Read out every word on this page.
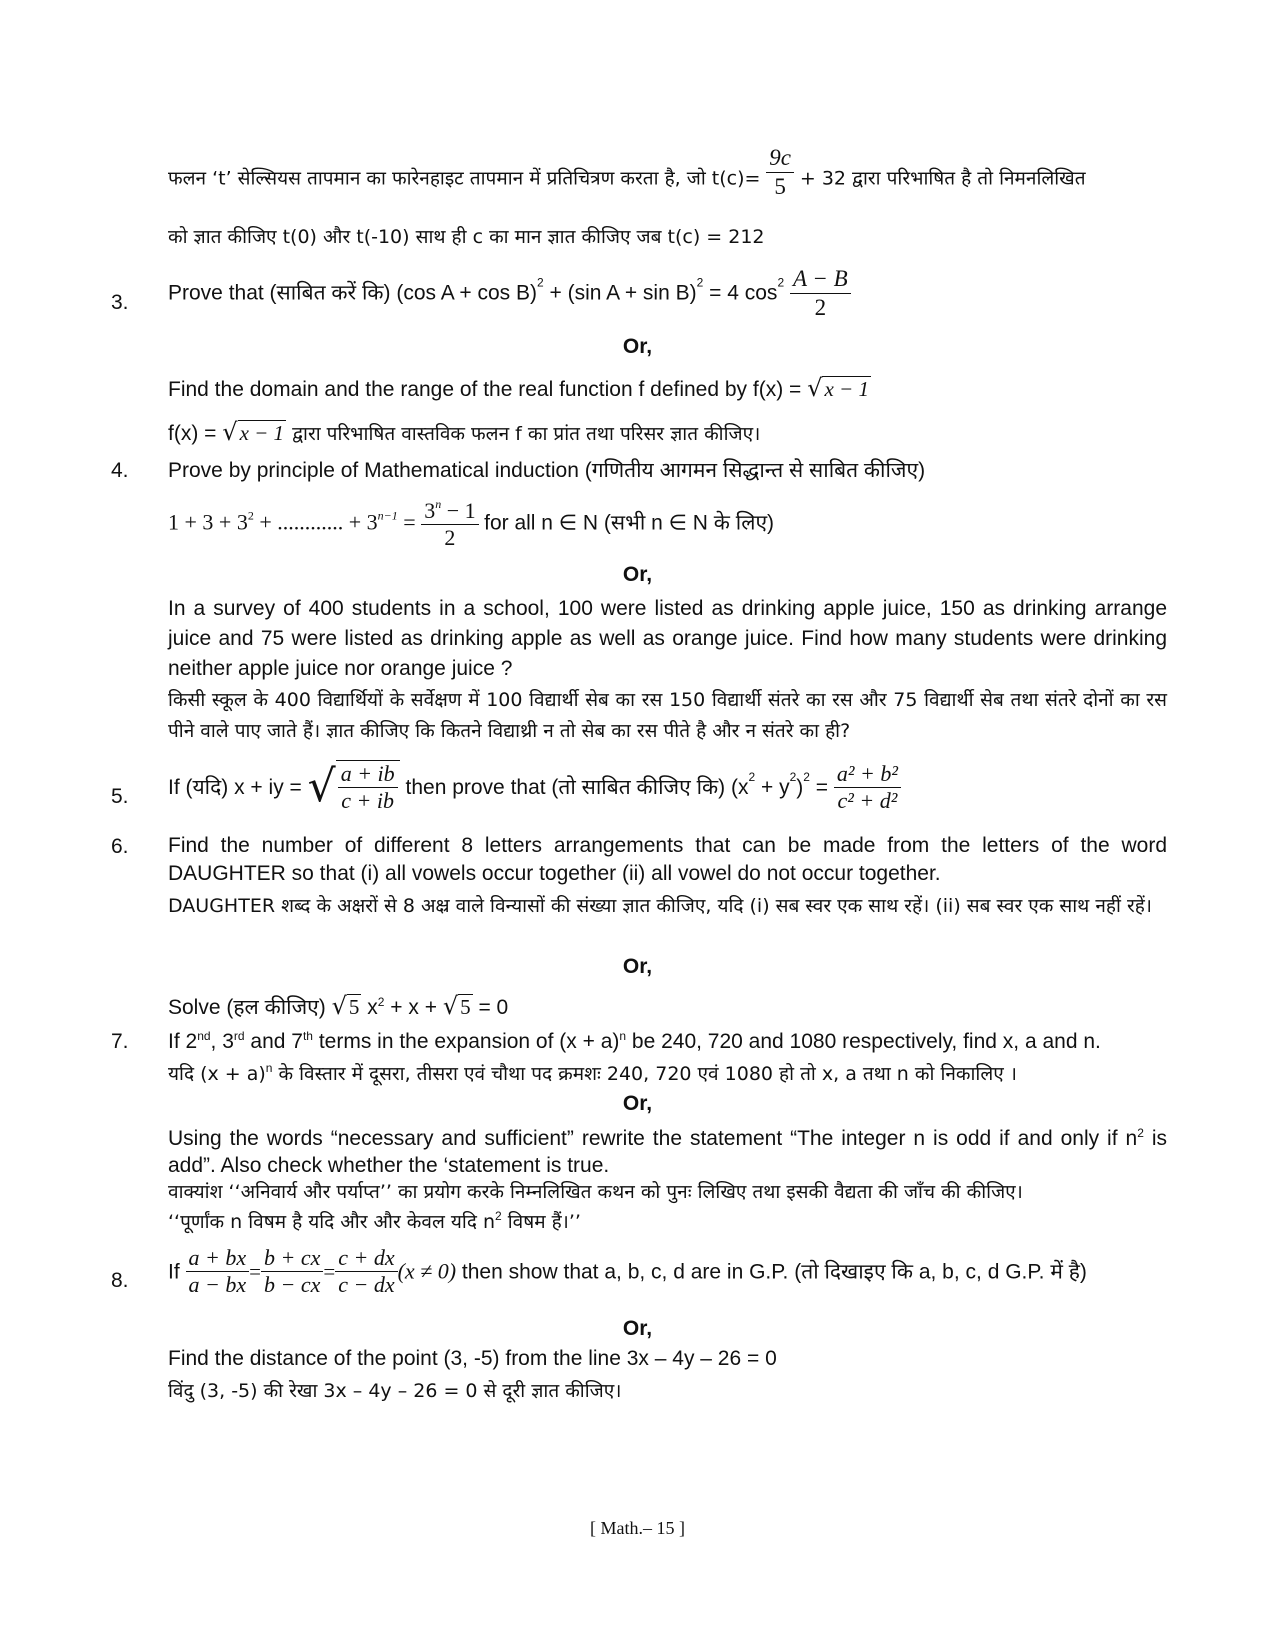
फलन ‘t’ सेल्सियस तापमान का फारेनहाइट तापमान में प्रतिचित्रण करता है, जो $t(c)= \frac{9c}{5} + 32$ द्वारा परिभाषित है तो निमनलिखित
को ज्ञात कीजिए t(0) और t(-10) साथ ही c का मान ज्ञात कीजिए जब t(c) = 212
3. Prove that (साबित करें कि) (cos A + cos B)$^2$ + (sin A + sin B)$^2$ = 4 $\cos^2 \frac{A - B}{2}$
Or,
Find the domain and the range of the real function f defined by f(x) = √x − 1
f(x) = √x − 1 द्वारा परिभाषित वास्तविक फलन f का प्रांत तथा परिसर ज्ञात कीजिए।
4. Prove by principle of Mathematical induction (गणितीय आगमन सिद्धान्त से साबित कीजिए)
$1 + 3 + 3^2$ + ............ + $3^{n-1} = \frac{3^n - 1}{2}$ for all n ∈ N (सभी n ∈ N के लिए)
Or,
In a survey of 400 students in a school, 100 were listed as drinking apple juice, 150 as drinking arrange juice and 75 were listed as drinking apple as well as orange juice. Find how many students were drinking neither apple juice nor orange juice ?
किसी स्कूल के 400 विद्यार्थियों के सर्वेक्षण में 100 विद्यार्थी सेब का रस 150 विद्यार्थी संतरे का रस और 75 विद्यार्थी सेब तथा संतरे दोनों का रस पीने वाले पाए जाते हैं। ज्ञात कीजिए कि कितने विद्याथ्री न तो सेब का रस पीते है और न संतरे का ही?
5. If (यदि) x + iy = √ $\frac{a + ib}{c + ib}$ then prove that (तो साबित कीजिए कि) $(x^2 + y^2)^2 = \frac{\text{a² + b²}}{\text{c² + d²}}$
6. Find the number of different 8 letters arrangements that can be made from the letters of the word DAUGHTER so that (i) all vowels occur together (ii) all vowel do not occur together.
DAUGHTER शब्द के अक्षरों से 8 अक्ष्र वाले विन्यासों की संख्या ज्ञात कीजिए, यदि (i) सब स्वर एक साथ रहें। (ii) सब स्वर एक साथ नहीं रहें।
Or,
Solve (हल कीजिए) √5 $x^2 + x + √5 = 0$
7. If 2nd, 3rd and 7th terms in the expansion of $(x + a)^n$ be 240, 720 and 1080 respectively, find x, a and n.
यदि $(x + a)^n$ के विस्तार में दूसरा, तीसरा एवं चौथा पद क्रमशः 240, 720 एवं 1080 हो तो x, a तथा n को निकालिए ।
Or,
Using the words “necessary and sufficient” rewrite the statement “The integer n is odd if and only if $n^2$ is add”. Also check whether the ‘statement is true.
वाक्यांश ‘‘अनिवार्य और पर्याप्त’’ का प्रयोग करके निम्नलिखित कथन को पुनः लिखिए तथा इसकी वैद्यता की जाँच की कीजिए।
‘‘पूर्णांक n विषम है यदि और और केवल यदि $n^2$ विषम हैं।’’
8. If $\frac{a + bx}{a - bx} = \frac{b + cx}{b - cx} = \frac{c + dx}{c - dx} (x \ne 0)$ then show that a, b, c, d are in G.P. (तो दिखाइए कि a, b, c, d G.P. में है)
Or,
Find the distance of the point (3, -5) from the line 3x – 4y – 26 = 0
विंदु (3, -5) की रेखा 3x – 4y – 26 = 0 से दूरी ज्ञात कीजिए।
[ Math.– 15 ]
